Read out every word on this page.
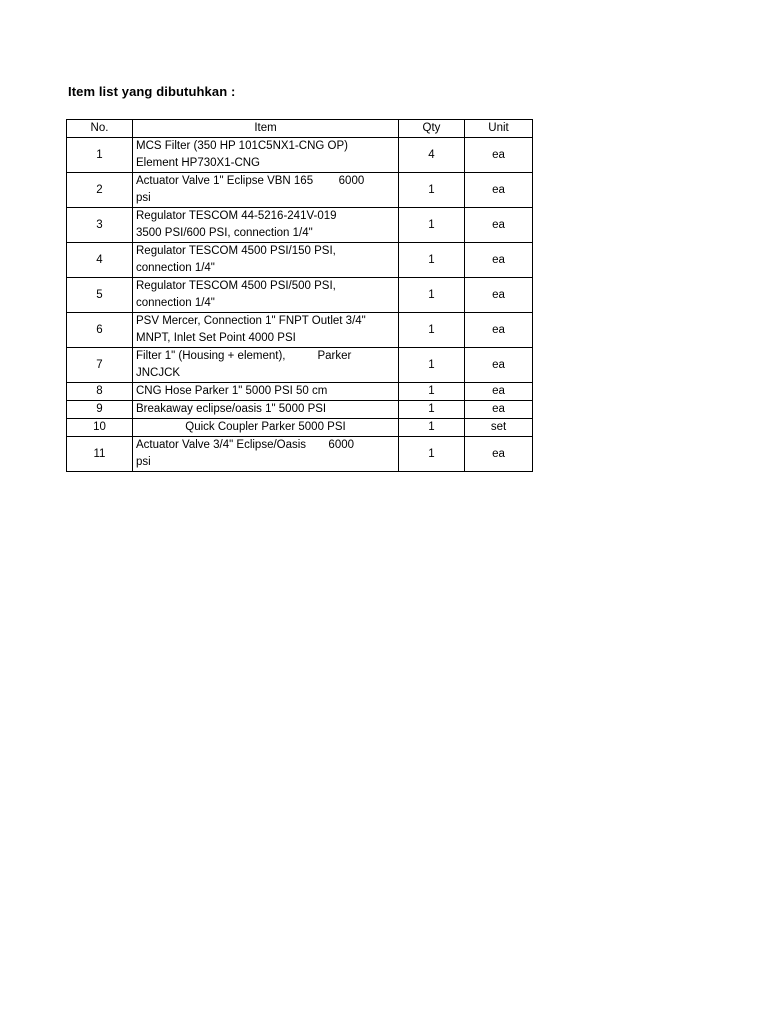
Item list yang dibutuhkan :
No.	Item	Qty	Unit
1	MCS Filter (350 HP 101C5NX1-CNG OP)
Element HP730X1-CNG	4	ea
2	Actuator Valve 1" Eclipse VBN 165        6000
psi	1	ea
3	Regulator TESCOM 44-5216-241V-019
3500 PSI/600 PSI, connection 1/4"	1	ea
4	Regulator TESCOM 4500 PSI/150 PSI,
connection 1/4"	1	ea
5	Regulator TESCOM 4500 PSI/500 PSI,
connection 1/4"	1	ea
6	PSV Mercer, Connection 1" FNPT Outlet 3/4"
MNPT, Inlet Set Point 4000 PSI	1	ea
7	Filter 1" (Housing + element),          Parker
JNCJCK	1	ea
8	CNG Hose Parker 1" 5000 PSI 50 cm	1	ea
9	Breakaway eclipse/oasis 1" 5000 PSI	1	ea
10	Quick Coupler Parker 5000 PSI	1	set
11	Actuator Valve 3/4" Eclipse/Oasis       6000
psi	1	ea
